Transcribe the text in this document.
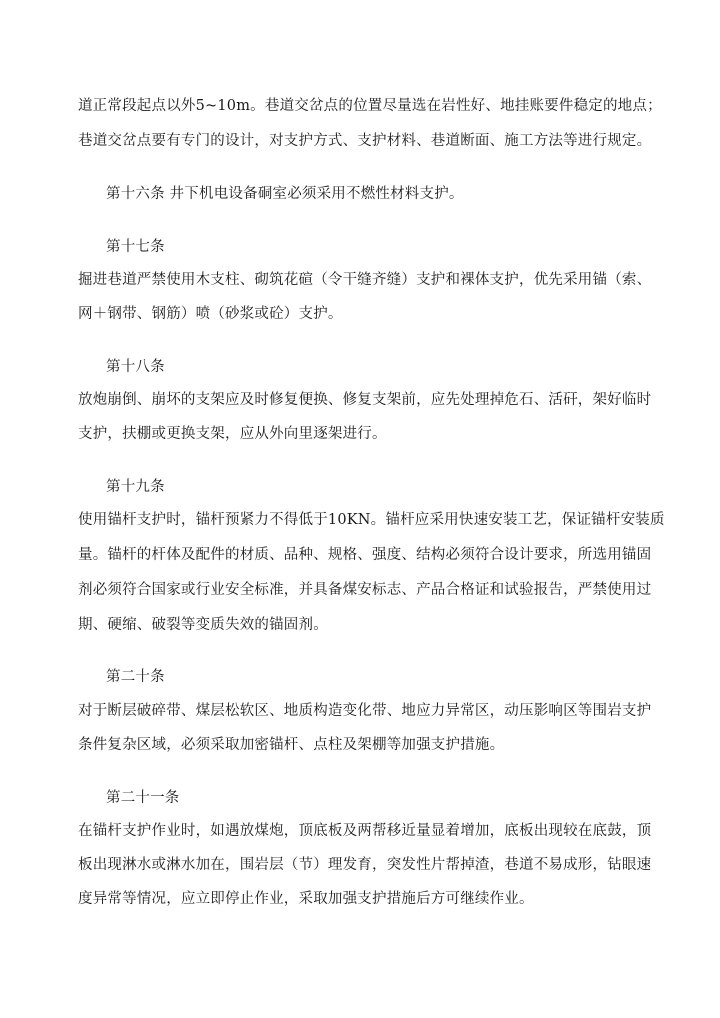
道正常段起点以外5~10m。巷道交岔点的位置尽量选在岩性好、地挂账要件稳定的地点；
巷道交岔点要有专门的设计，对支护方式、支护材料、巷道断面、施工方法等进行规定。
第十六条 井下机电设备硐室必须采用不燃性材料支护。
第十七条
掘进巷道严禁使用木支柱、砌筑花碹（令干缝齐缝）支护和裸体支护，优先采用锚（索、
网＋钢带、钢筋）喷（砂浆或砼）支护。
第十八条
放炮崩倒、崩坏的支架应及时修复便换、修复支架前，应先处理掉危石、活矸，架好临时
支护，扶棚或更换支架，应从外向里逐架进行。
第十九条
使用锚杆支护时，锚杆预紧力不得低于10KN。锚杆应采用快速安装工艺，保证锚杆安装质
量。锚杆的杆体及配件的材质、品种、规格、强度、结构必须符合设计要求，所选用锚固
剂必须符合国家或行业安全标准，并具备煤安标志、产品合格证和试验报告，严禁使用过
期、硬缩、破裂等变质失效的锚固剂。
第二十条
对于断层破碎带、煤层松软区、地质构造变化带、地应力异常区，动压影响区等围岩支护
条件复杂区域，必须采取加密锚杆、点柱及架棚等加强支护措施。
第二十一条
在锚杆支护作业时，如遇放煤炮，顶底板及两帮移近量显着增加，底板出现较在底鼓，顶
板出现淋水或淋水加在，围岩层（节）理发育，突发性片帮掉渣，巷道不易成形，钻眼速
度异常等情况，应立即停止作业，采取加强支护措施后方可继续作业。
